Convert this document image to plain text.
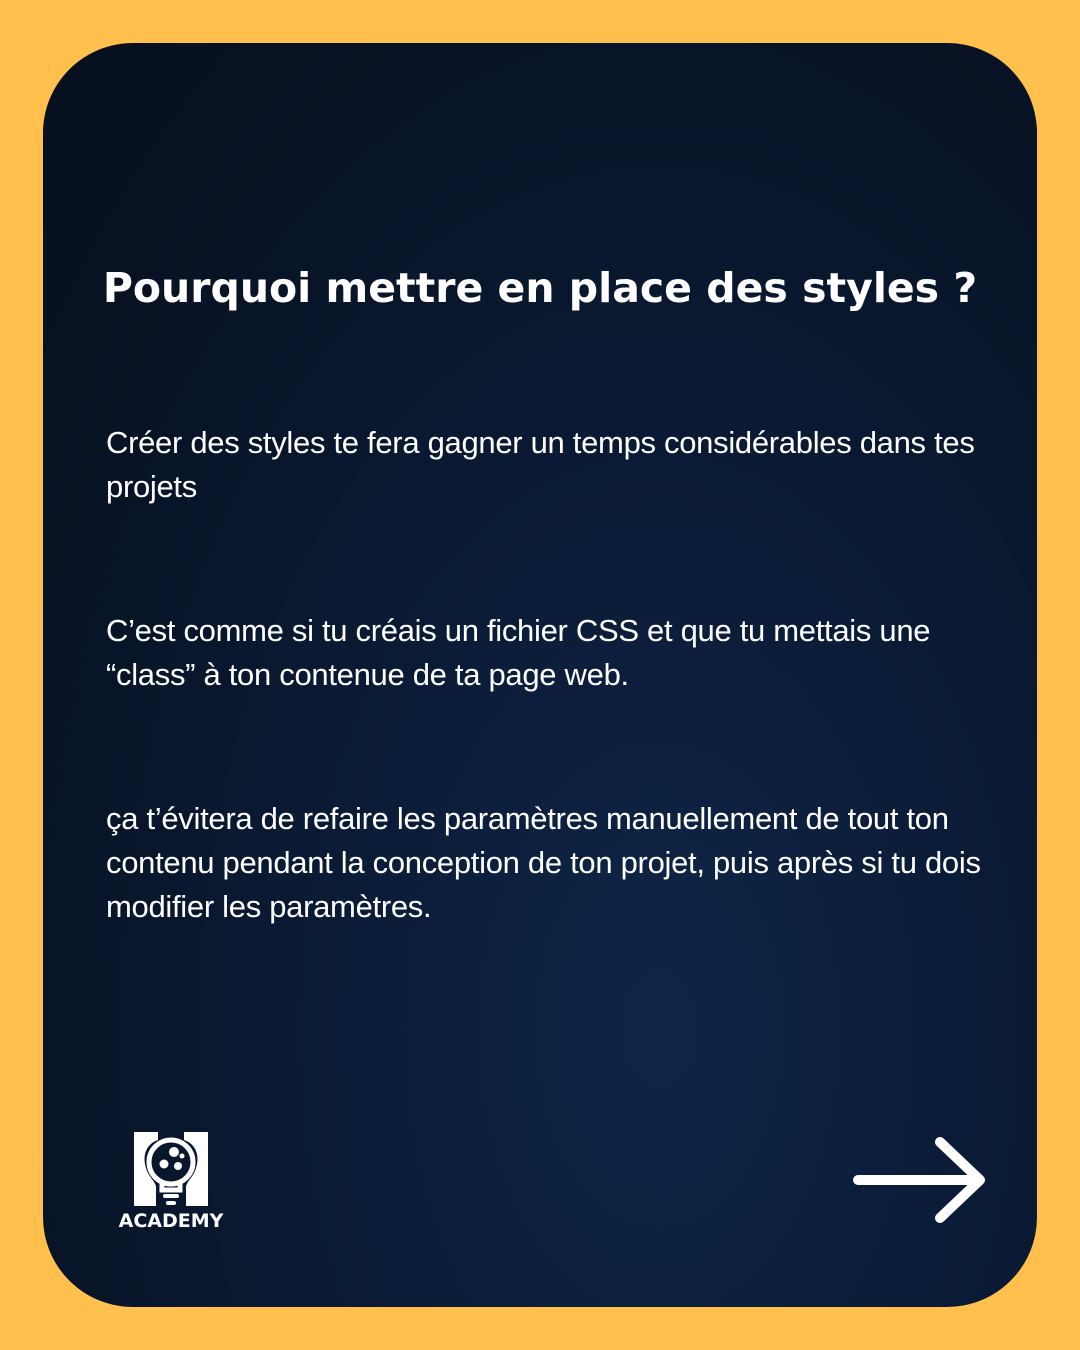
Pourquoi mettre en place des styles ?

Créer des styles te fera gagner un temps considérables dans tes projets

C’est comme si tu créais un fichier CSS et que tu mettais une “class” à ton contenue de ta page web.

ça t’évitera de refaire les paramètres manuellement de tout ton contenu pendant la conception de ton projet, puis après si tu dois modifier les paramètres.

ACADEMY
